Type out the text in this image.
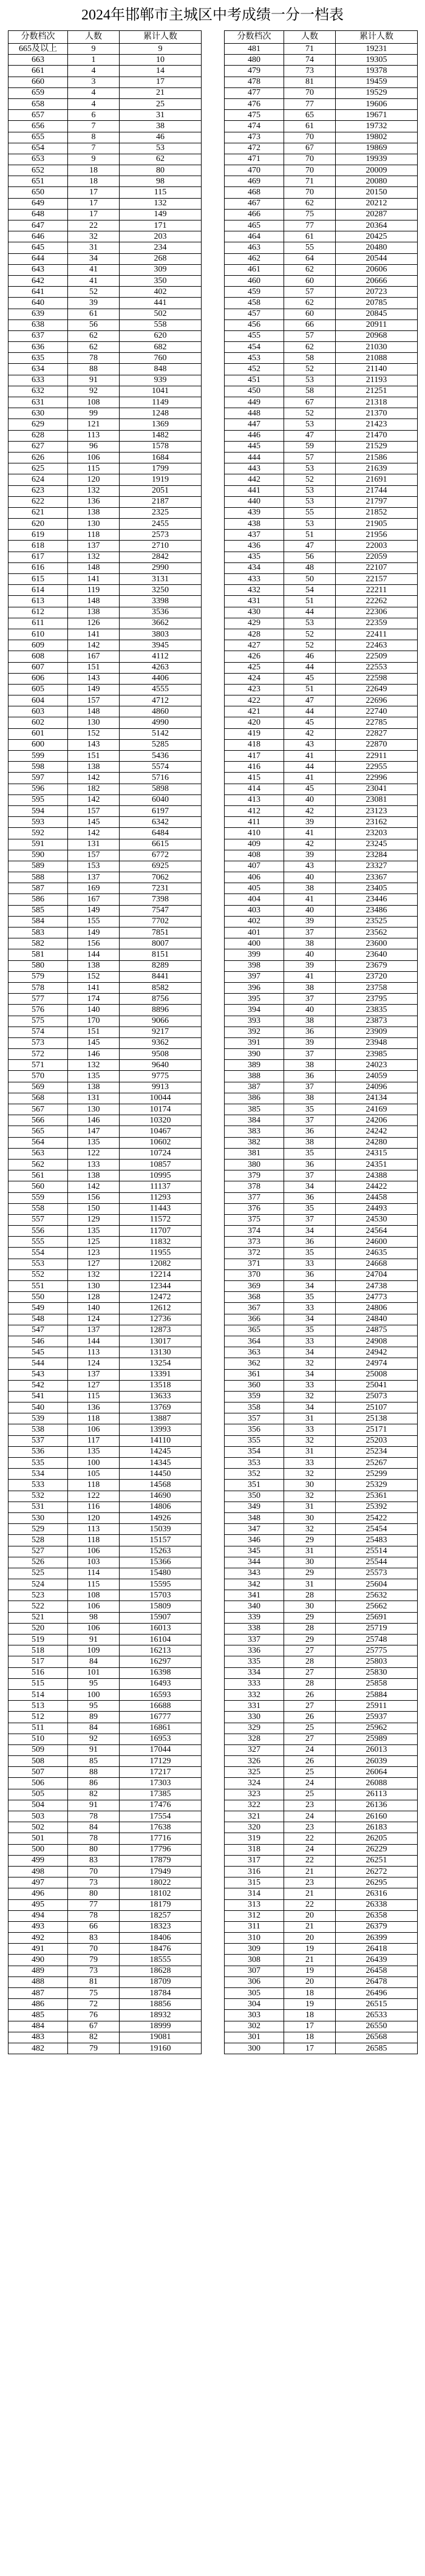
2024年邯郸市主城区中考成绩一分一档表
分数档次	人数	累计人数
665及以上	9	9
663	1	10
661	4	14
660	3	17
659	4	21
658	4	25
657	6	31
656	7	38
655	8	46
654	7	53
653	9	62
652	18	80
651	18	98
650	17	115
649	17	132
648	17	149
647	22	171
646	32	203
645	31	234
644	34	268
643	41	309
642	41	350
641	52	402
640	39	441
639	61	502
638	56	558
637	62	620
636	62	682
635	78	760
634	88	848
633	91	939
632	92	1041
631	108	1149
630	99	1248
629	121	1369
628	113	1482
627	96	1578
626	106	1684
625	115	1799
624	120	1919
623	132	2051
622	136	2187
621	138	2325
620	130	2455
619	118	2573
618	137	2710
617	132	2842
616	148	2990
615	141	3131
614	119	3250
613	148	3398
612	138	3536
611	126	3662
610	141	3803
609	142	3945
608	167	4112
607	151	4263
606	143	4406
605	149	4555
604	157	4712
603	148	4860
602	130	4990
601	152	5142
600	143	5285
599	151	5436
598	138	5574
597	142	5716
596	182	5898
595	142	6040
594	157	6197
593	145	6342
592	142	6484
591	131	6615
590	157	6772
589	153	6925
588	137	7062
587	169	7231
586	167	7398
585	149	7547
584	155	7702
583	149	7851
582	156	8007
581	144	8151
580	138	8289
579	152	8441
578	141	8582
577	174	8756
576	140	8896
575	170	9066
574	151	9217
573	145	9362
572	146	9508
571	132	9640
570	135	9775
569	138	9913
568	131	10044
567	130	10174
566	146	10320
565	147	10467
564	135	10602
563	122	10724
562	133	10857
561	138	10995
560	142	11137
559	156	11293
558	150	11443
557	129	11572
556	135	11707
555	125	11832
554	123	11955
553	127	12082
552	132	12214
551	130	12344
550	128	12472
549	140	12612
548	124	12736
547	137	12873
546	144	13017
545	113	13130
544	124	13254
543	137	13391
542	127	13518
541	115	13633
540	136	13769
539	118	13887
538	106	13993
537	117	14110
536	135	14245
535	100	14345
534	105	14450
533	118	14568
532	122	14690
531	116	14806
530	120	14926
529	113	15039
528	118	15157
527	106	15263
526	103	15366
525	114	15480
524	115	15595
523	108	15703
522	106	15809
521	98	15907
520	106	16013
519	91	16104
518	109	16213
517	84	16297
516	101	16398
515	95	16493
514	100	16593
513	95	16688
512	89	16777
511	84	16861
510	92	16953
509	91	17044
508	85	17129
507	88	17217
506	86	17303
505	82	17385
504	91	17476
503	78	17554
502	84	17638
501	78	17716
500	80	17796
499	83	17879
498	70	17949
497	73	18022
496	80	18102
495	77	18179
494	78	18257
493	66	18323
492	83	18406
491	70	18476
490	79	18555
489	73	18628
488	81	18709
487	75	18784
486	72	18856
485	76	18932
484	67	18999
483	82	19081
482	79	19160
分数档次	人数	累计人数
481	71	19231
480	74	19305
479	73	19378
478	81	19459
477	70	19529
476	77	19606
475	65	19671
474	61	19732
473	70	19802
472	67	19869
471	70	19939
470	70	20009
469	71	20080
468	70	20150
467	62	20212
466	75	20287
465	77	20364
464	61	20425
463	55	20480
462	64	20544
461	62	20606
460	60	20666
459	57	20723
458	62	20785
457	60	20845
456	66	20911
455	57	20968
454	62	21030
453	58	21088
452	52	21140
451	53	21193
450	58	21251
449	67	21318
448	52	21370
447	53	21423
446	47	21470
445	59	21529
444	57	21586
443	53	21639
442	52	21691
441	53	21744
440	53	21797
439	55	21852
438	53	21905
437	51	21956
436	47	22003
435	56	22059
434	48	22107
433	50	22157
432	54	22211
431	51	22262
430	44	22306
429	53	22359
428	52	22411
427	52	22463
426	46	22509
425	44	22553
424	45	22598
423	51	22649
422	47	22696
421	44	22740
420	45	22785
419	42	22827
418	43	22870
417	41	22911
416	44	22955
415	41	22996
414	45	23041
413	40	23081
412	42	23123
411	39	23162
410	41	23203
409	42	23245
408	39	23284
407	43	23327
406	40	23367
405	38	23405
404	41	23446
403	40	23486
402	39	23525
401	37	23562
400	38	23600
399	40	23640
398	39	23679
397	41	23720
396	38	23758
395	37	23795
394	40	23835
393	38	23873
392	36	23909
391	39	23948
390	37	23985
389	38	24023
388	36	24059
387	37	24096
386	38	24134
385	35	24169
384	37	24206
383	36	24242
382	38	24280
381	35	24315
380	36	24351
379	37	24388
378	34	24422
377	36	24458
376	35	24493
375	37	24530
374	34	24564
373	36	24600
372	35	24635
371	33	24668
370	36	24704
369	34	24738
368	35	24773
367	33	24806
366	34	24840
365	35	24875
364	33	24908
363	34	24942
362	32	24974
361	34	25008
360	33	25041
359	32	25073
358	34	25107
357	31	25138
356	33	25171
355	32	25203
354	31	25234
353	33	25267
352	32	25299
351	30	25329
350	32	25361
349	31	25392
348	30	25422
347	32	25454
346	29	25483
345	31	25514
344	30	25544
343	29	25573
342	31	25604
341	28	25632
340	30	25662
339	29	25691
338	28	25719
337	29	25748
336	27	25775
335	28	25803
334	27	25830
333	28	25858
332	26	25884
331	27	25911
330	26	25937
329	25	25962
328	27	25989
327	24	26013
326	26	26039
325	25	26064
324	24	26088
323	25	26113
322	23	26136
321	24	26160
320	23	26183
319	22	26205
318	24	26229
317	22	26251
316	21	26272
315	23	26295
314	21	26316
313	22	26338
312	20	26358
311	21	26379
310	20	26399
309	19	26418
308	21	26439
307	19	26458
306	20	26478
305	18	26496
304	19	26515
303	18	26533
302	17	26550
301	18	26568
300	17	26585
